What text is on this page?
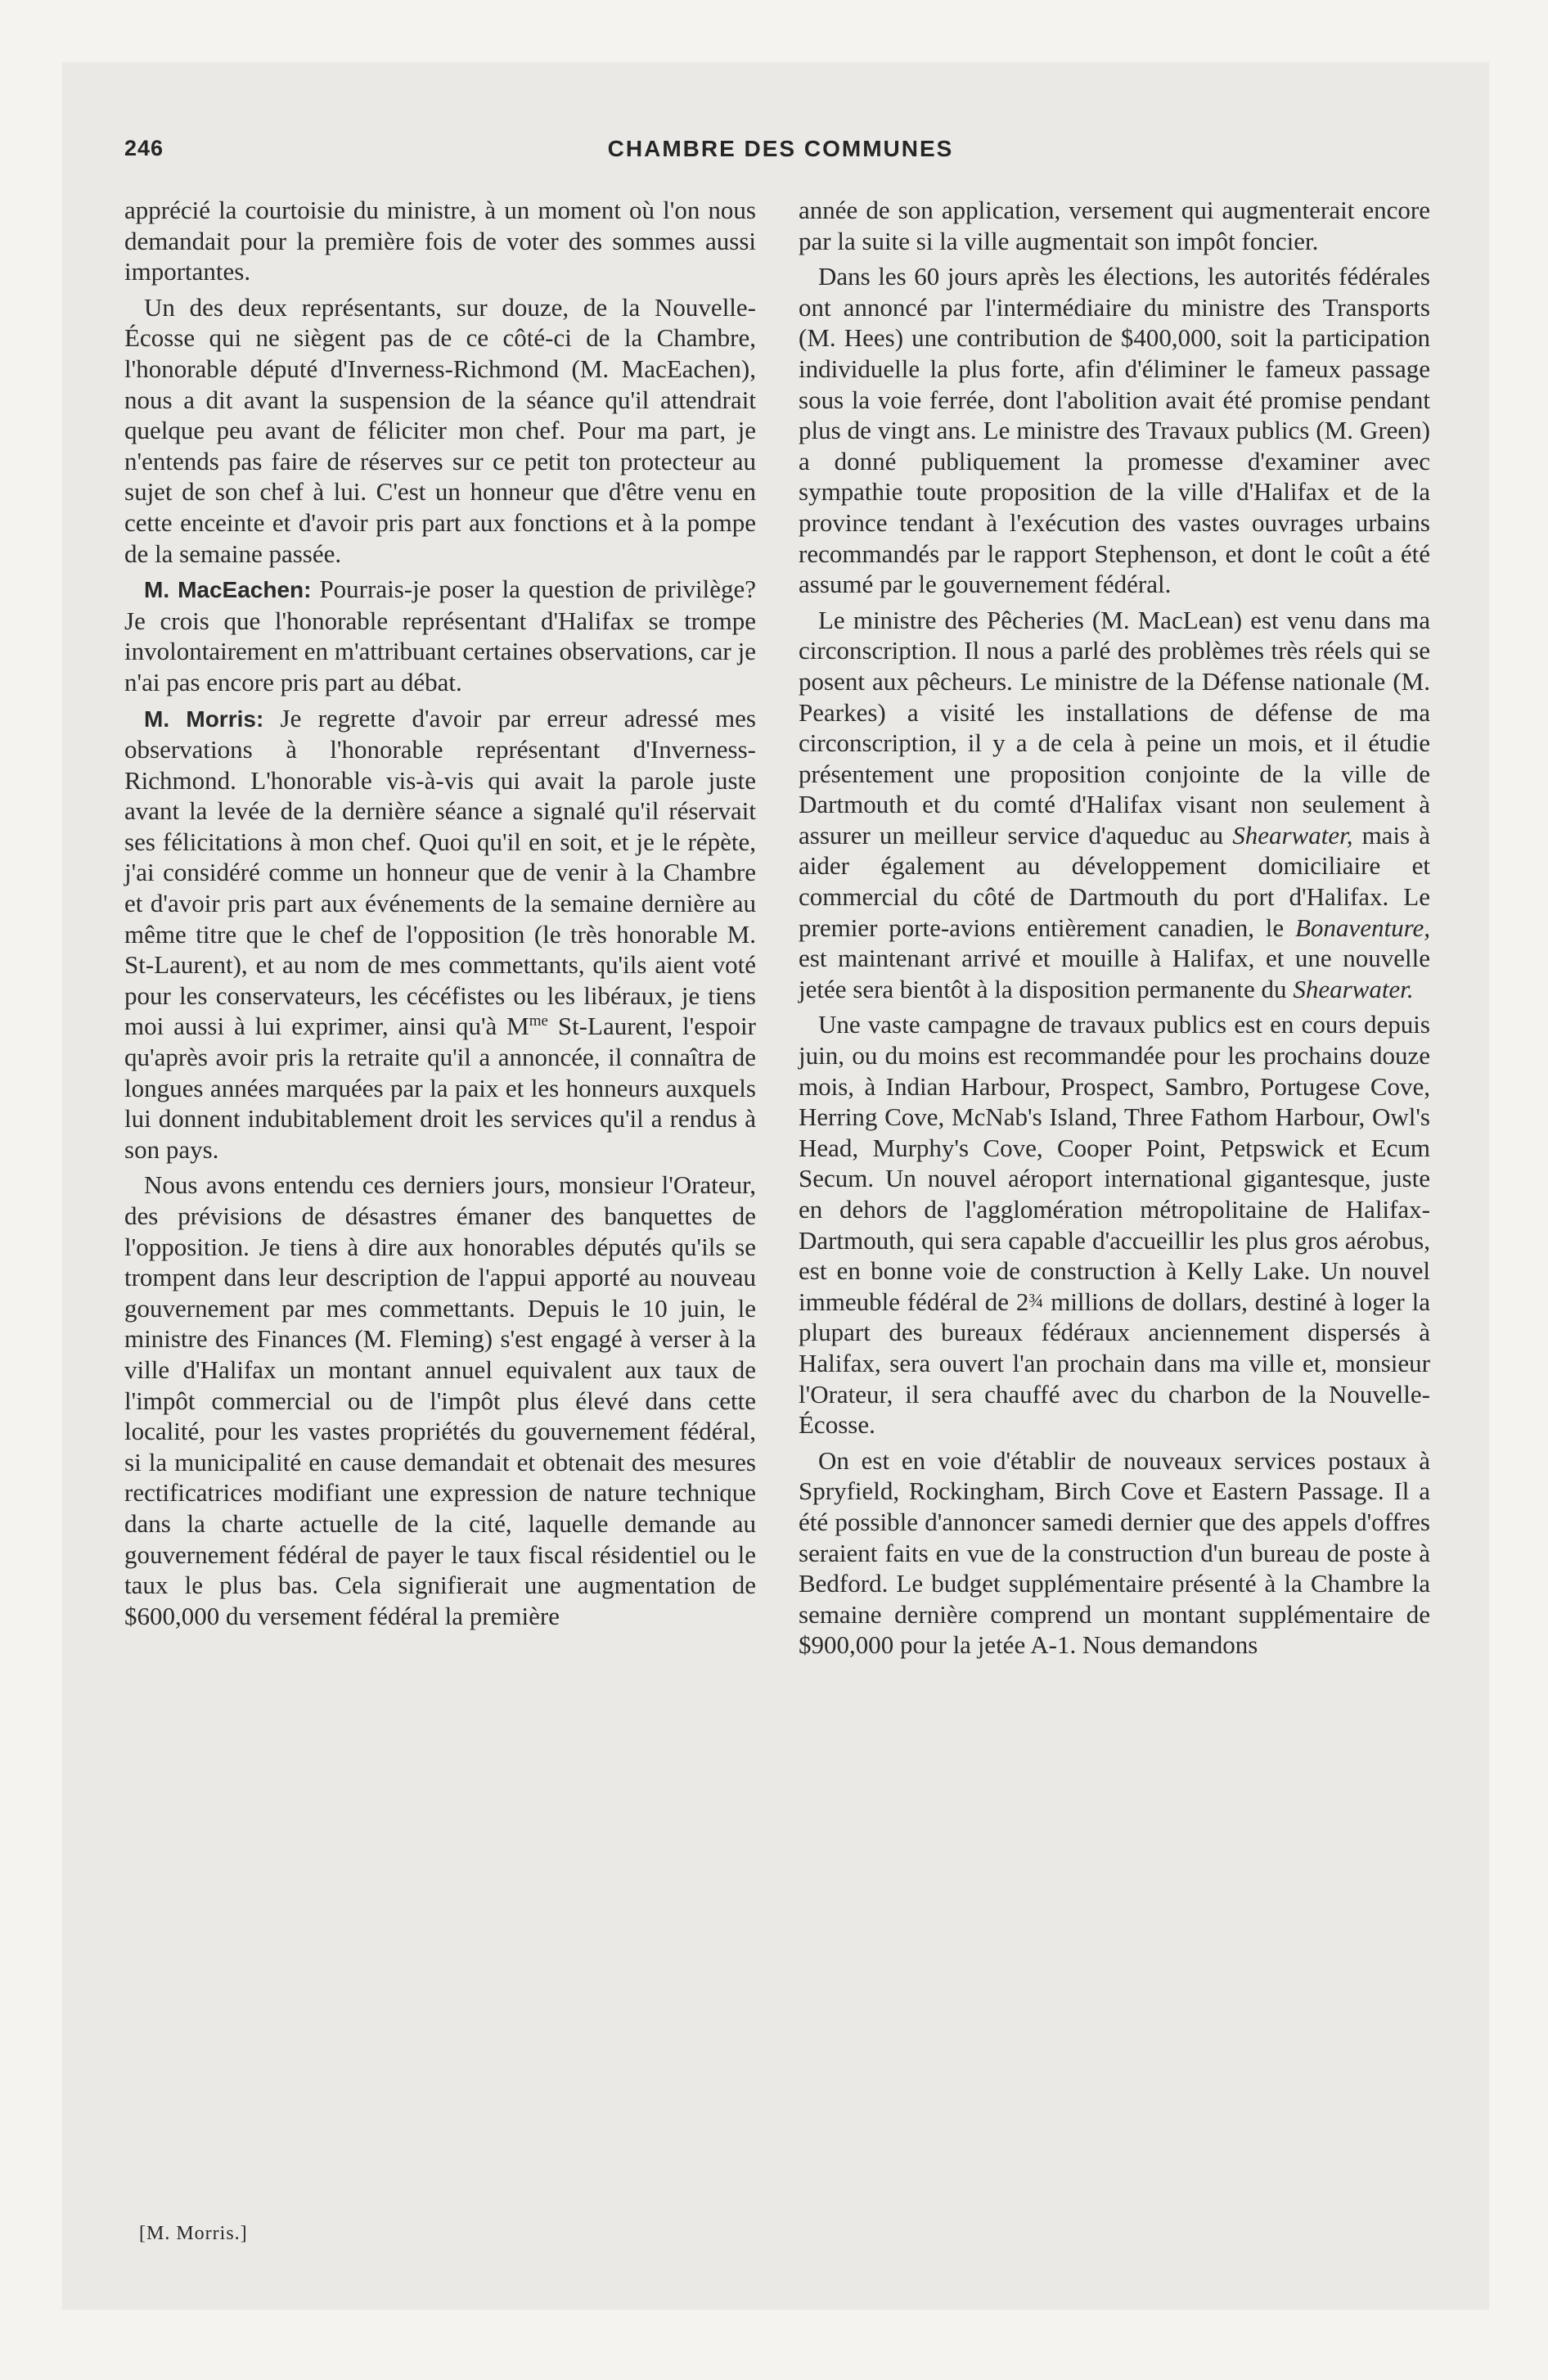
246	CHAMBRE DES COMMUNES

apprécié la courtoisie du ministre, à un moment où l'on nous demandait pour la première fois de voter des sommes aussi importantes.

Un des deux représentants, sur douze, de la Nouvelle-Écosse qui ne siègent pas de ce côté-ci de la Chambre, l'honorable député d'Inverness-Richmond (M. MacEachen), nous a dit avant la suspension de la séance qu'il attendrait quelque peu avant de féliciter mon chef. Pour ma part, je n'entends pas faire de réserves sur ce petit ton protecteur au sujet de son chef à lui. C'est un honneur que d'être venu en cette enceinte et d'avoir pris part aux fonctions et à la pompe de la semaine passée.

M. MacEachen: Pourrais-je poser la question de privilège? Je crois que l'honorable représentant d'Halifax se trompe involontairement en m'attribuant certaines observations, car je n'ai pas encore pris part au débat.

M. Morris: Je regrette d'avoir par erreur adressé mes observations à l'honorable représentant d'Inverness-Richmond. L'honorable vis-à-vis qui avait la parole juste avant la levée de la dernière séance a signalé qu'il réservait ses félicitations à mon chef. Quoi qu'il en soit, et je le répète, j'ai considéré comme un honneur que de venir à la Chambre et d'avoir pris part aux événements de la semaine dernière au même titre que le chef de l'opposition (le très honorable M. St-Laurent), et au nom de mes commettants, qu'ils aient voté pour les conservateurs, les cécéfistes ou les libéraux, je tiens moi aussi à lui exprimer, ainsi qu'à $M^{me}$ St-Laurent, l'espoir qu'après avoir pris la retraite qu'il a annoncée, il connaîtra de longues années marquées par la paix et les honneurs auxquels lui donnent indubitablement droit les services qu'il a rendus à son pays.

Nous avons entendu ces derniers jours, monsieur l'Orateur, des prévisions de désastres émaner des banquettes de l'opposition. Je tiens à dire aux honorables députés qu'ils se trompent dans leur description de l'appui apporté au nouveau gouvernement par mes commettants. Depuis le 10 juin, le ministre des Finances (M. Fleming) s'est engagé à verser à la ville d'Halifax un montant annuel equivalent aux taux de l'impôt commercial ou de l'impôt plus élevé dans cette localité, pour les vastes propriétés du gouvernement fédéral, si la municipalité en cause demandait et obtenait des mesures rectificatrices modifiant une expression de nature technique dans la charte actuelle de la cité, laquelle demande au gouvernement fédéral de payer le taux fiscal résidentiel ou le taux le plus bas. Cela signifierait une augmentation de $600,000 du versement fédéral la première

année de son application, versement qui augmenterait encore par la suite si la ville augmentait son impôt foncier.

Dans les 60 jours après les élections, les autorités fédérales ont annoncé par l'intermédiaire du ministre des Transports (M. Hees) une contribution de $400,000, soit la participation individuelle la plus forte, afin d'éliminer le fameux passage sous la voie ferrée, dont l'abolition avait été promise pendant plus de vingt ans. Le ministre des Travaux publics (M. Green) a donné publiquement la promesse d'examiner avec sympathie toute proposition de la ville d'Halifax et de la province tendant à l'exécution des vastes ouvrages urbains recommandés par le rapport Stephenson, et dont le coût a été assumé par le gouvernement fédéral.

Le ministre des Pêcheries (M. MacLean) est venu dans ma circonscription. Il nous a parlé des problèmes très réels qui se posent aux pêcheurs. Le ministre de la Défense nationale (M. Pearkes) a visité les installations de défense de ma circonscription, il y a de cela à peine un mois, et il étudie présentement une proposition conjointe de la ville de Dartmouth et du comté d'Halifax visant non seulement à assurer un meilleur service d'aqueduc au Shearwater, mais à aider également au développement domiciliaire et commercial du côté de Dartmouth du port d'Halifax. Le premier porte-avions entièrement canadien, le Bonaventure, est maintenant arrivé et mouille à Halifax, et une nouvelle jetée sera bientôt à la disposition permanente du Shearwater.

Une vaste campagne de travaux publics est en cours depuis juin, ou du moins est recommandée pour les prochains douze mois, à Indian Harbour, Prospect, Sambro, Portugese Cove, Herring Cove, McNab's Island, Three Fathom Harbour, Owl's Head, Murphy's Cove, Cooper Point, Petpswick et Ecum Secum. Un nouvel aéroport international gigantesque, juste en dehors de l'agglomération métropolitaine de Halifax-Dartmouth, qui sera capable d'accueillir les plus gros aérobus, est en bonne voie de construction à Kelly Lake. Un nouvel immeuble fédéral de 2¾ millions de dollars, destiné à loger la plupart des bureaux fédéraux anciennement dispersés à Halifax, sera ouvert l'an prochain dans ma ville et, monsieur l'Orateur, il sera chauffé avec du charbon de la Nouvelle-Écosse.

On est en voie d'établir de nouveaux services postaux à Spryfield, Rockingham, Birch Cove et Eastern Passage. Il a été possible d'annoncer samedi dernier que des appels d'offres seraient faits en vue de la construction d'un bureau de poste à Bedford. Le budget supplémentaire présenté à la Chambre la semaine dernière comprend un montant supplémentaire de $900,000 pour la jetée A-1. Nous demandons

[M. Morris.]
